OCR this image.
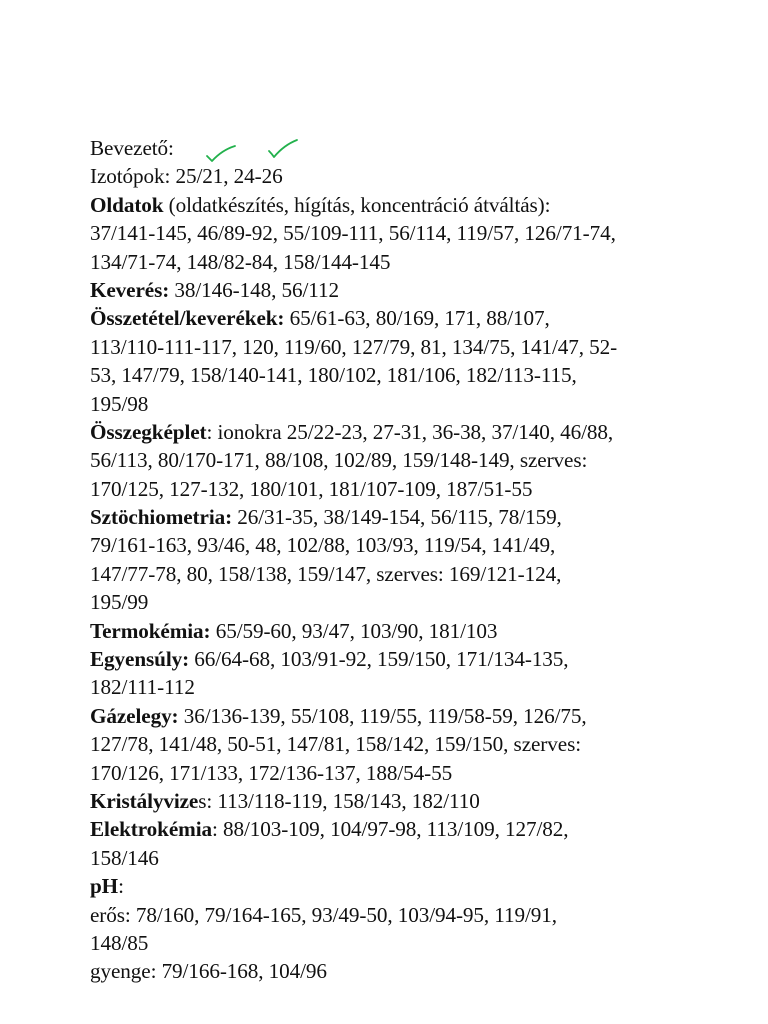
Bevezető:
Izotópok: 25/21, 24-26
Oldatok (oldatkészítés, hígítás, koncentráció átváltás):
37/141-145, 46/89-92, 55/109-111, 56/114, 119/57, 126/71-74,
134/71-74, 148/82-84, 158/144-145
Keverés: 38/146-148, 56/112
Összetétel/keverékek: 65/61-63, 80/169, 171, 88/107,
113/110-111-117, 120, 119/60, 127/79, 81, 134/75, 141/47, 52-
53, 147/79, 158/140-141, 180/102, 181/106, 182/113-115,
195/98
Összegképlet: ionokra 25/22-23, 27-31, 36-38, 37/140, 46/88,
56/113, 80/170-171, 88/108, 102/89, 159/148-149, szerves:
170/125, 127-132, 180/101, 181/107-109, 187/51-55
Sztöchiometria: 26/31-35, 38/149-154, 56/115, 78/159,
79/161-163, 93/46, 48, 102/88, 103/93, 119/54, 141/49,
147/77-78, 80, 158/138, 159/147, szerves: 169/121-124,
195/99
Termokémia: 65/59-60, 93/47, 103/90, 181/103
Egyensúly: 66/64-68, 103/91-92, 159/150, 171/134-135,
182/111-112
Gázelegy: 36/136-139, 55/108, 119/55, 119/58-59, 126/75,
127/78, 141/48, 50-51, 147/81, 158/142, 159/150, szerves:
170/126, 171/133, 172/136-137, 188/54-55
Kristályvizes: 113/118-119, 158/143, 182/110
Elektrokémia: 88/103-109, 104/97-98, 113/109, 127/82,
158/146
pH:
erős: 78/160, 79/164-165, 93/49-50, 103/94-95, 119/91,
148/85
gyenge: 79/166-168, 104/96
